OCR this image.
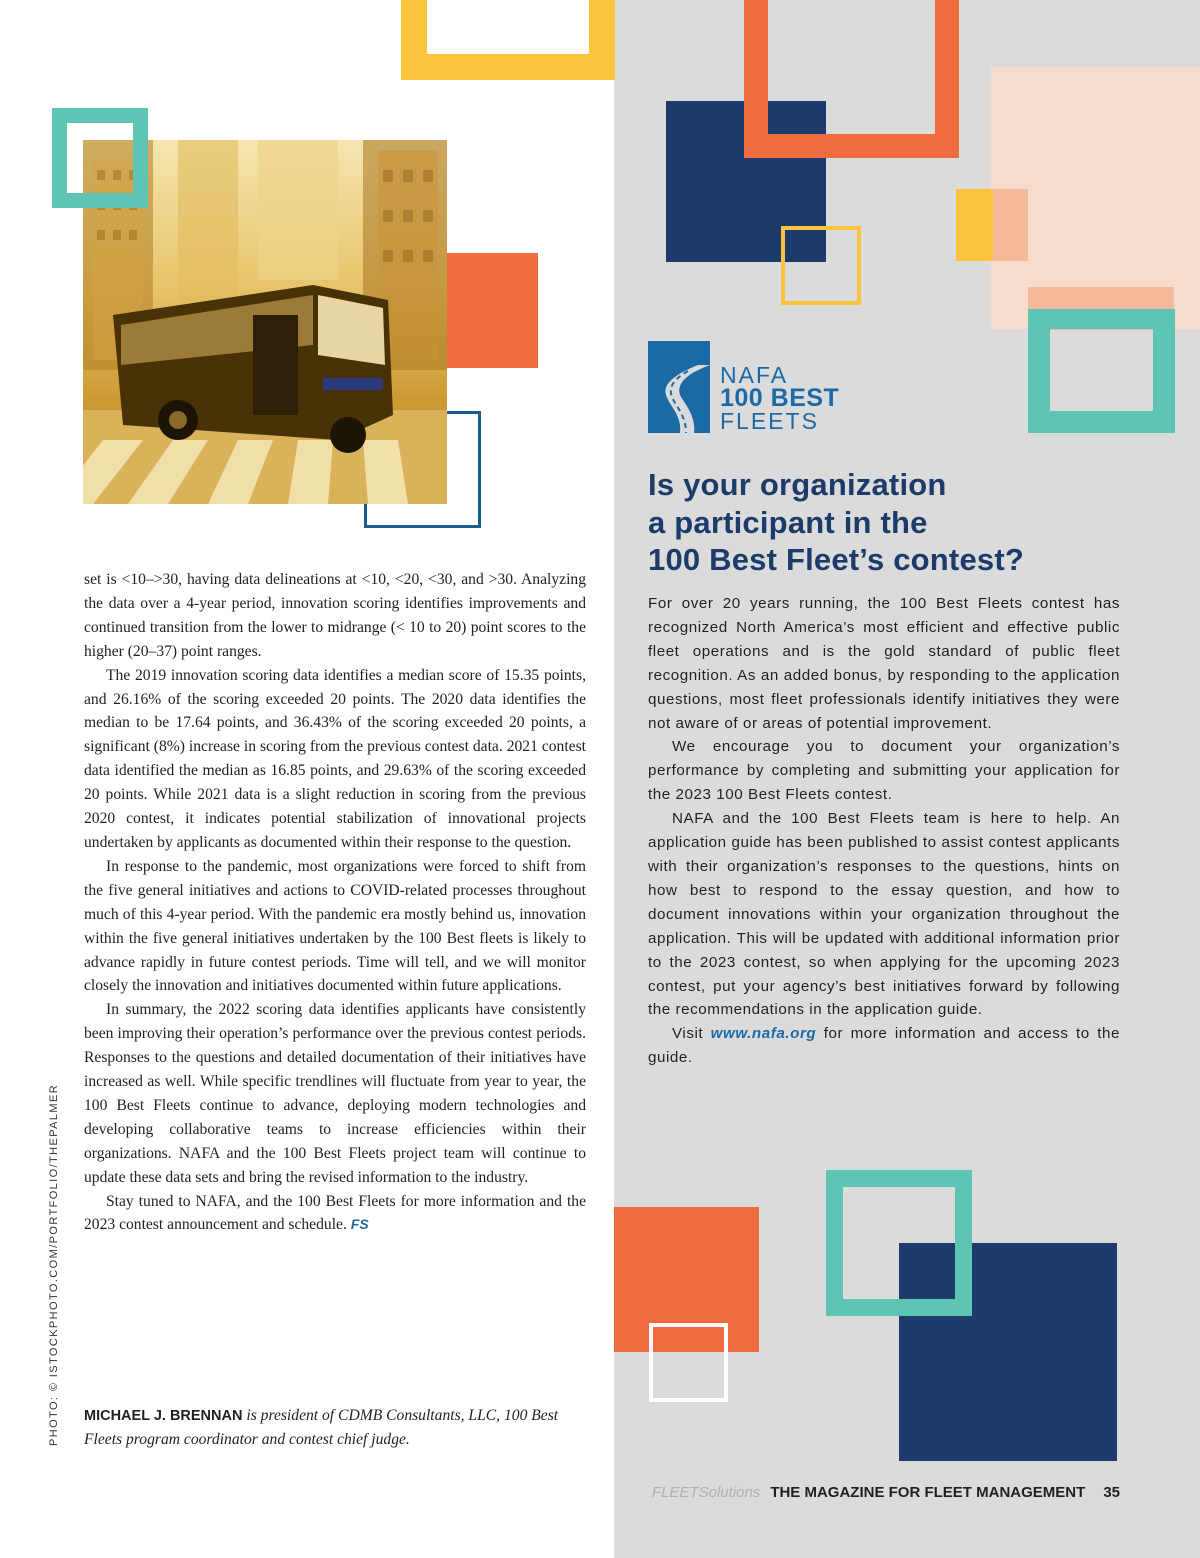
set is <10–>30, having data delineations at <10, <20, <30, and >30. Analyzing the data over a 4-year period, innovation scoring identifies improvements and continued transition from the lower to midrange (< 10 to 20) point scores to the higher (20–37) point ranges.

The 2019 innovation scoring data identifies a median score of 15.35 points, and 26.16% of the scoring exceeded 20 points. The 2020 data identifies the median to be 17.64 points, and 36.43% of the scoring exceeded 20 points, a significant (8%) increase in scoring from the previous contest data. 2021 contest data identified the median as 16.85 points, and 29.63% of the scoring exceeded 20 points. While 2021 data is a slight reduction in scoring from the previous 2020 contest, it indicates potential stabilization of innovational projects undertaken by applicants as documented within their response to the question.

In response to the pandemic, most organizations were forced to shift from the five general initiatives and actions to COVID-related processes throughout much of this 4-year period. With the pandemic era mostly behind us, innovation within the five general initiatives undertaken by the 100 Best fleets is likely to advance rapidly in future contest periods. Time will tell, and we will monitor closely the innovation and initiatives documented within future applications.

In summary, the 2022 scoring data identifies applicants have consistently been improving their operation’s performance over the previous contest periods. Responses to the questions and detailed documentation of their initiatives have increased as well. While specific trendlines will fluctuate from year to year, the 100 Best Fleets continue to advance, deploying modern technologies and developing collaborative teams to increase efficiencies within their organizations. NAFA and the 100 Best Fleets project team will continue to update these data sets and bring the revised information to the industry.

Stay tuned to NAFA, and the 100 Best Fleets for more information and the 2023 contest announcement and schedule. FS

MICHAEL J. BRENNAN is president of CDMB Consultants, LLC, 100 Best Fleets program coordinator and contest chief judge.
PHOTO: © ISTOCKPHOTO.COM/PORTFOLIO/THEPALMER
NAFA
100 BEST
FLEETS
Is your organization
a participant in the
100 Best Fleet’s contest?

For over 20 years running, the 100 Best Fleets contest has recognized North America’s most efficient and effective public fleet operations and is the gold standard of public fleet recognition. As an added bonus, by responding to the application questions, most fleet professionals identify initiatives they were not aware of or areas of potential improvement.

We encourage you to document your organization’s performance by completing and submitting your application for the 2023 100 Best Fleets contest.

NAFA and the 100 Best Fleets team is here to help. An application guide has been published to assist contest applicants with their organization’s responses to the questions, hints on how best to respond to the essay question, and how to document innovations within your organization throughout the application. This will be updated with additional information prior to the 2023 contest, so when applying for the upcoming 2023 contest, put your agency’s best initiatives forward by following the recommendations in the application guide.

Visit www.nafa.org for more information and access to the guide.

FLEETSolutions THE MAGAZINE FOR FLEET MANAGEMENT 35
